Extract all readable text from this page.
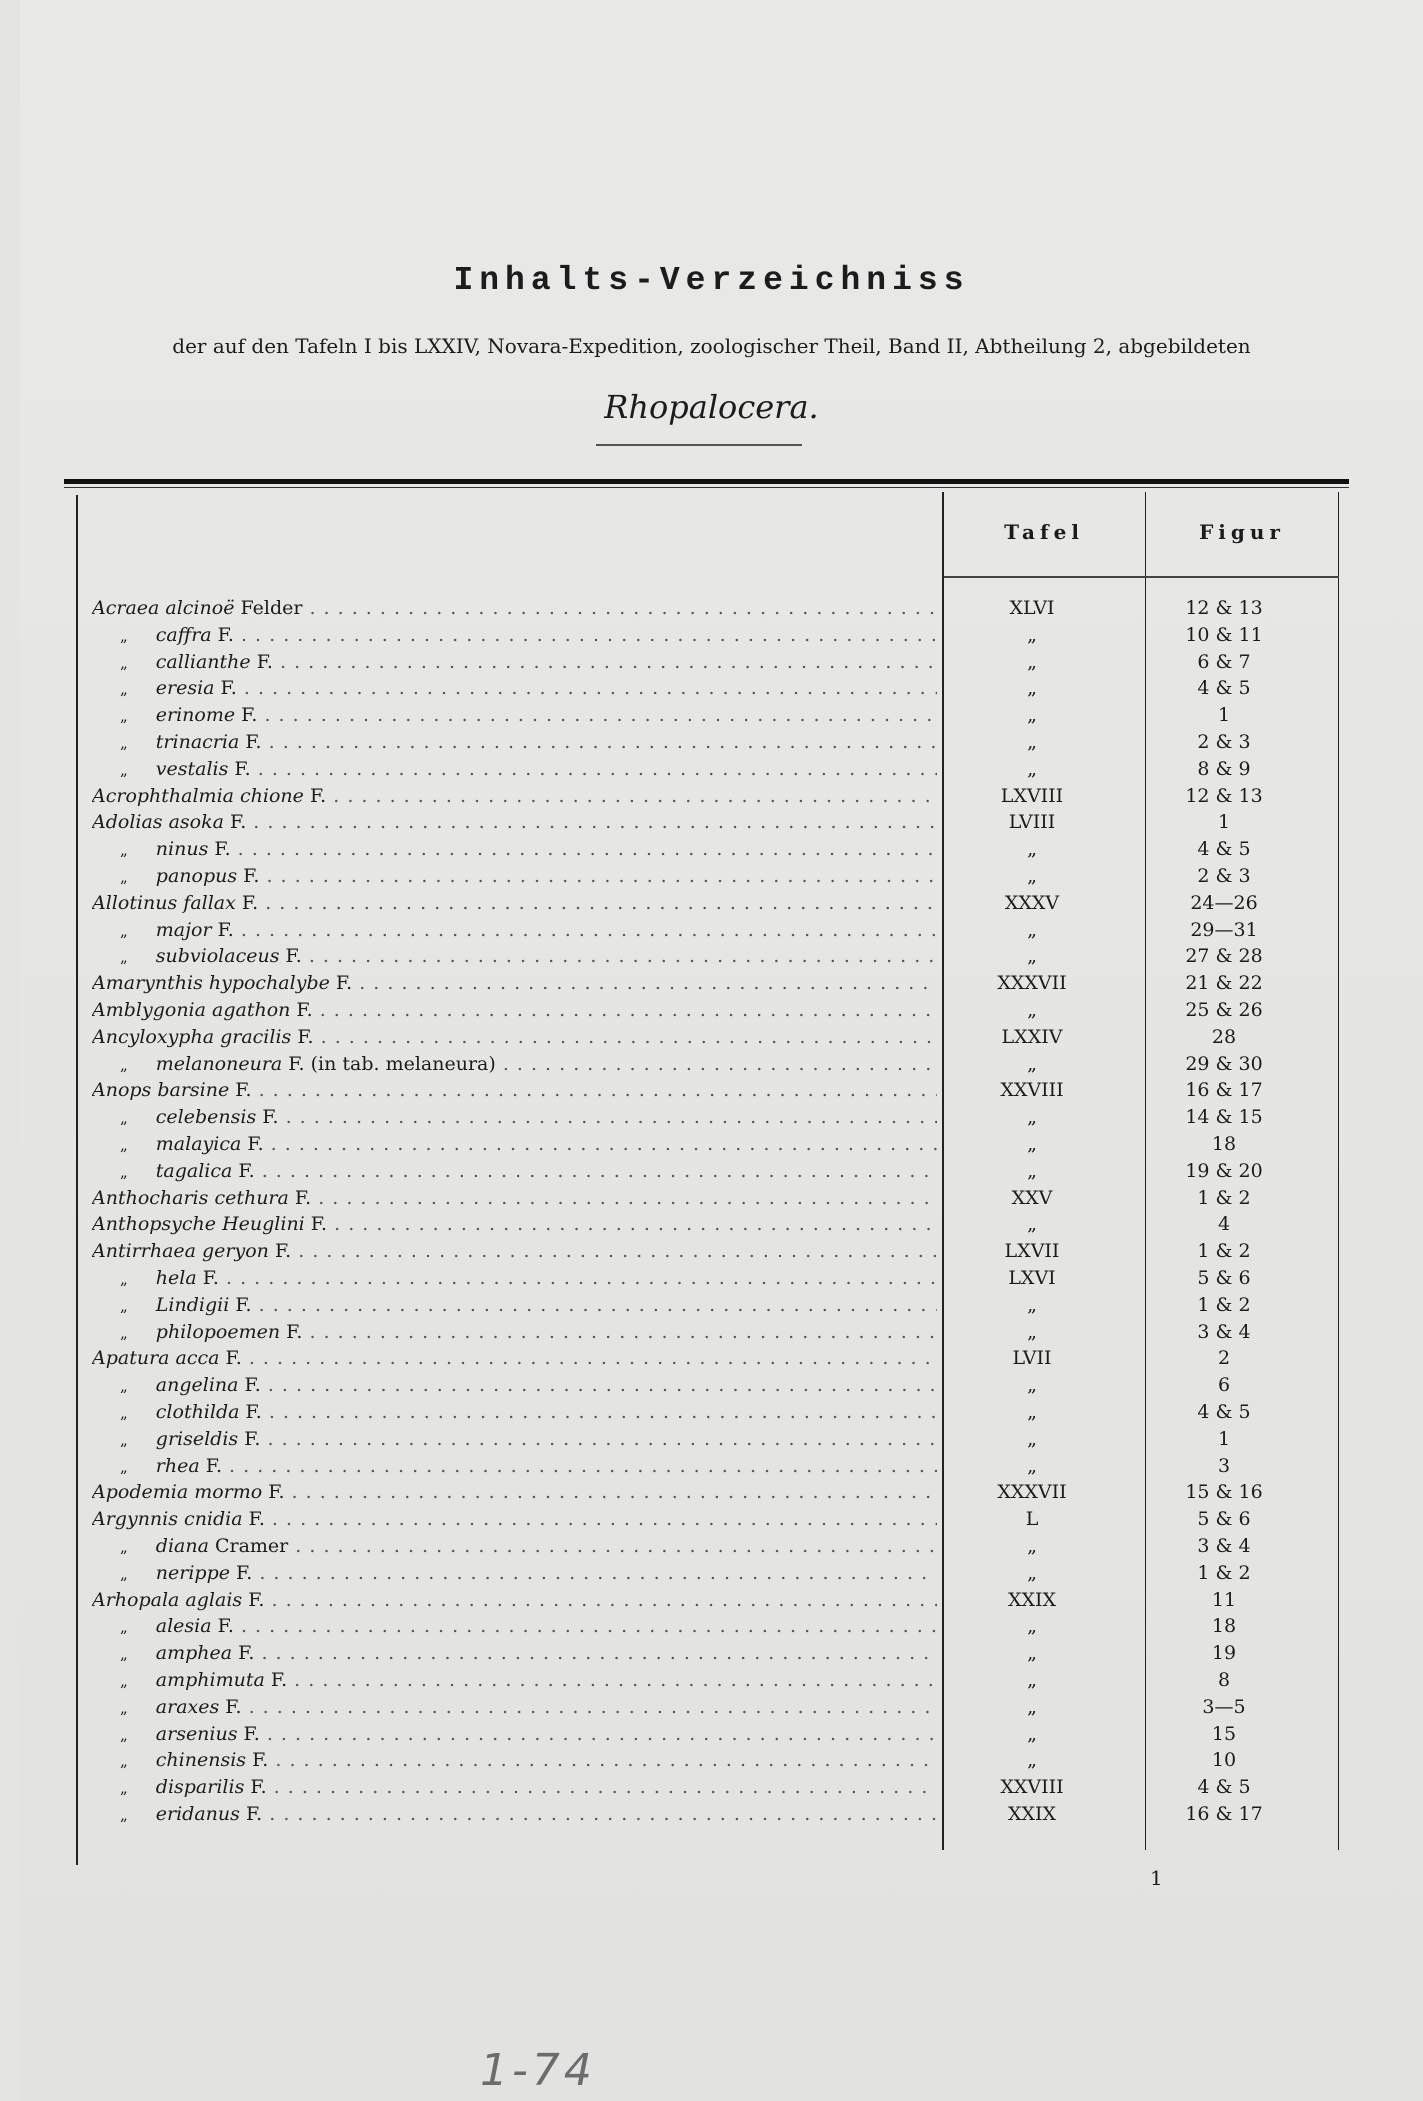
Inhalts-Verzeichniss
der auf den Tafeln I bis LXXIV, Novara-Expedition, zoologischer Theil, Band II, Abtheilung 2, abgebildeten
Rhopalocera.
Tafel	Figur
Acraea alcinoë Felder . . .	XLVI	12 & 13
„ caffra F. . . .	„	10 & 11
„ callianthe F. . . .	„	6 & 7
„ eresia F. . . .	„	4 & 5
„ erinome F. . . .	„	1
„ trinacria F. . . .	„	2 & 3
„ vestalis F. . . .	„	8 & 9
Acrophthalmia chione F. . . .	LXVIII	12 & 13
Adolias asoka F. . . .	LVIII	1
„ ninus F. . . .	„	4 & 5
„ panopus F. . . .	„	2 & 3
Allotinus fallax F. . . .	XXXV	24—26
„ major F. . . .	„	29—31
„ subviolaceus F. . . .	„	27 & 28
Amarynthis hypochalybe F. . . .	XXXVII	21 & 22
Amblygonia agathon F. . . .	„	25 & 26
Ancyloxypha gracilis F. . . .	LXXIV	28
„ melanoneura F. (in tab. melaneura) . . .	„	29 & 30
Anops barsine F. . . .	XXVIII	16 & 17
„ celebensis F. . . .	„	14 & 15
„ malayica F. . . .	„	18
„ tagalica F. . . .	„	19 & 20
Anthocharis cethura F. . . .	XXV	1 & 2
Anthopsyche Heuglini F. . . .	„	4
Antirrhaea geryon F. . . .	LXVII	1 & 2
„ hela F. . . .	LXVI	5 & 6
„ Lindigii F. . . .	„	1 & 2
„ philopoemen F. . . .	„	3 & 4
Apatura acca F. . . .	LVII	2
„ angelina F. . . .	„	6
„ clothilda F. . . .	„	4 & 5
„ griseldis F. . . .	„	1
„ rhea F. . . .	„	3
Apodemia mormo F. . . .	XXXVII	15 & 16
Argynnis cnidia F. . . .	L	5 & 6
„ diana Cramer . . .	„	3 & 4
„ nerippe F. . . .	„	1 & 2
Arhopala aglais F. . . .	XXIX	11
„ alesia F. . . .	„	18
„ amphea F. . . .	„	19
„ amphimuta F. . . .	„	8
„ araxes F. . . .	„	3—5
„ arsenius F. . . .	„	15
„ chinensis F. . . .	„	10
„ disparilis F. . . .	XXVIII	4 & 5
„ eridanus F. . . .	XXIX	16 & 17
1
1-74
